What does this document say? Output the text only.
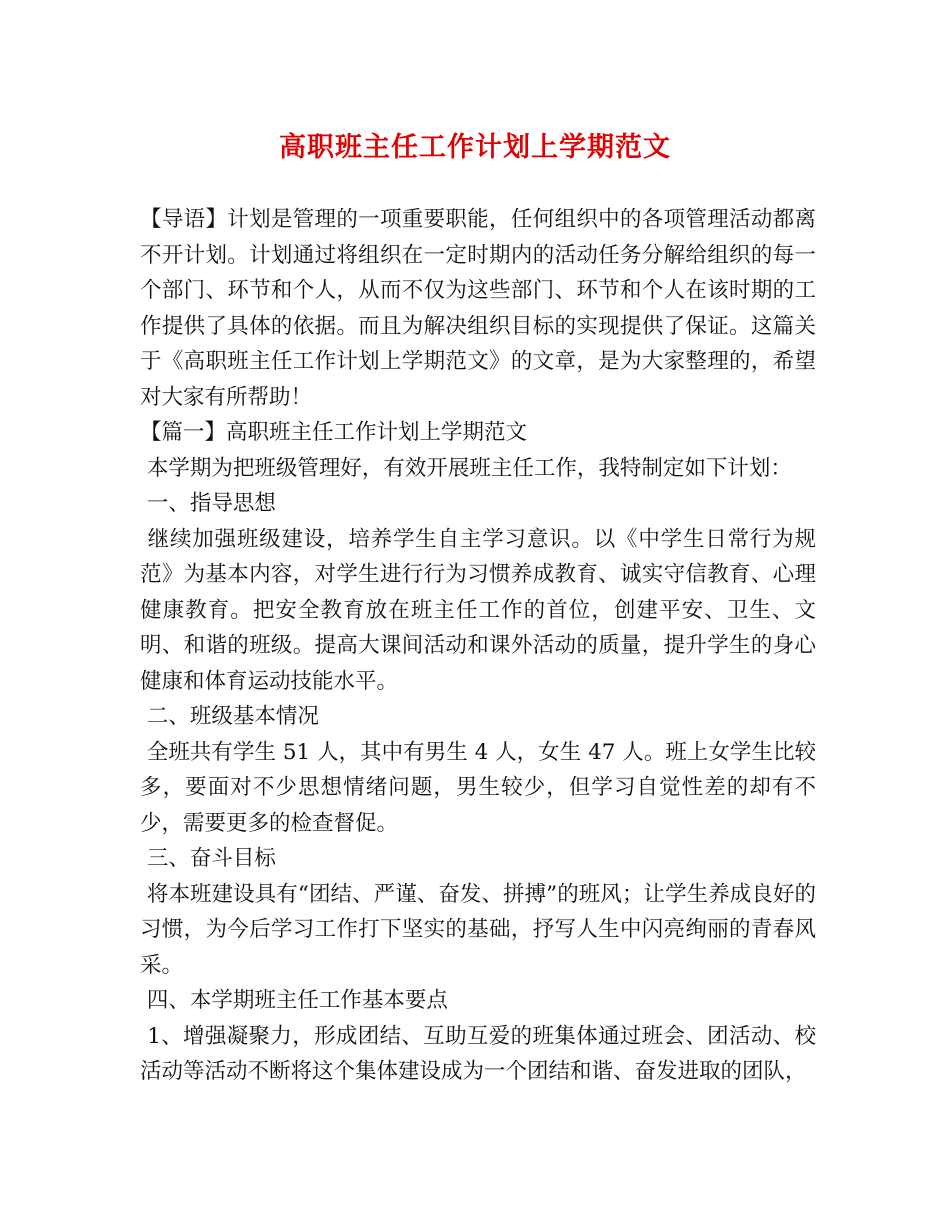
高职班主任工作计划上学期范文

【导语】计划是管理的一项重要职能，任何组织中的各项管理活动都离不开计划。计划通过将组织在一定时期内的活动任务分解给组织的每一个部门、环节和个人，从而不仅为这些部门、环节和个人在该时期的工作提供了具体的依据。而且为解决组织目标的实现提供了保证。这篇关于《高职班主任工作计划上学期范文》的文章，是为大家整理的，希望对大家有所帮助！

【篇一】高职班主任工作计划上学期范文

本学期为把班级管理好，有效开展班主任工作，我特制定如下计划：

一、指导思想

继续加强班级建设，培养学生自主学习意识。以《中学生日常行为规范》为基本内容，对学生进行行为习惯养成教育、诚实守信教育、心理健康教育。把安全教育放在班主任工作的首位，创建平安、卫生、文明、和谐的班级。提高大课间活动和课外活动的质量，提升学生的身心健康和体育运动技能水平。

二、班级基本情况

全班共有学生 51 人，其中有男生 4 人，女生 47 人。班上女学生比较多，要面对不少思想情绪问题，男生较少，但学习自觉性差的却有不少，需要更多的检查督促。

三、奋斗目标

将本班建设具有“团结、严谨、奋发、拼搏”的班风；让学生养成良好的习惯，为今后学习工作打下坚实的基础，抒写人生中闪亮绚丽的青春风采。

四、本学期班主任工作基本要点

1、增强凝聚力，形成团结、互助互爱的班集体通过班会、团活动、校活动等活动不断将这个集体建设成为一个团结和谐、奋发进取的团队，
